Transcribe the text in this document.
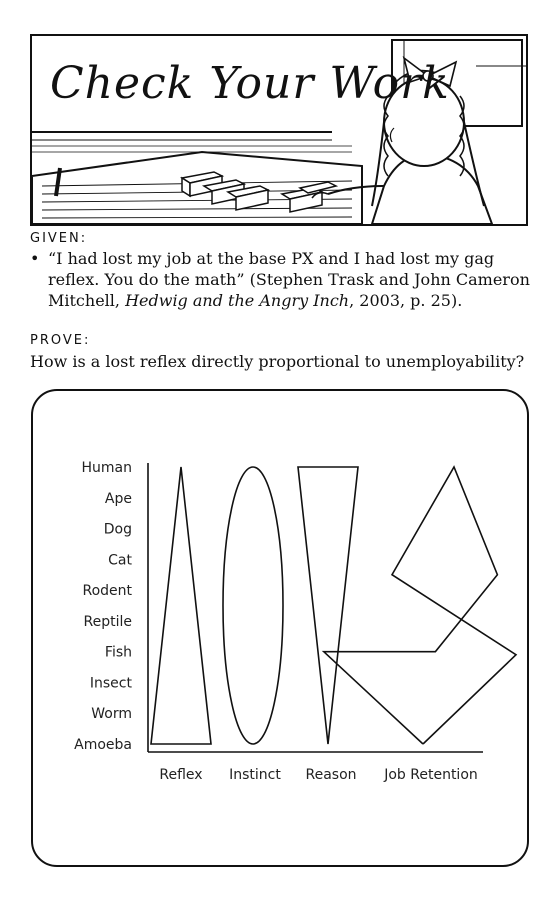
Check Your Work
GIVEN:
• “I had lost my job at the base PX and I had lost my gag reflex. You do the math” (Stephen Trask and John Cameron Mitchell, Hedwig and the Angry Inch, 2003, p. 25).
PROVE:
How is a lost reflex directly proportional to unemployability?
Amoeba
Worm
Insect
Fish
Reptile
Rodent
Cat
Dog
Ape
Human
Reflex Instinct Reason Job Retention
